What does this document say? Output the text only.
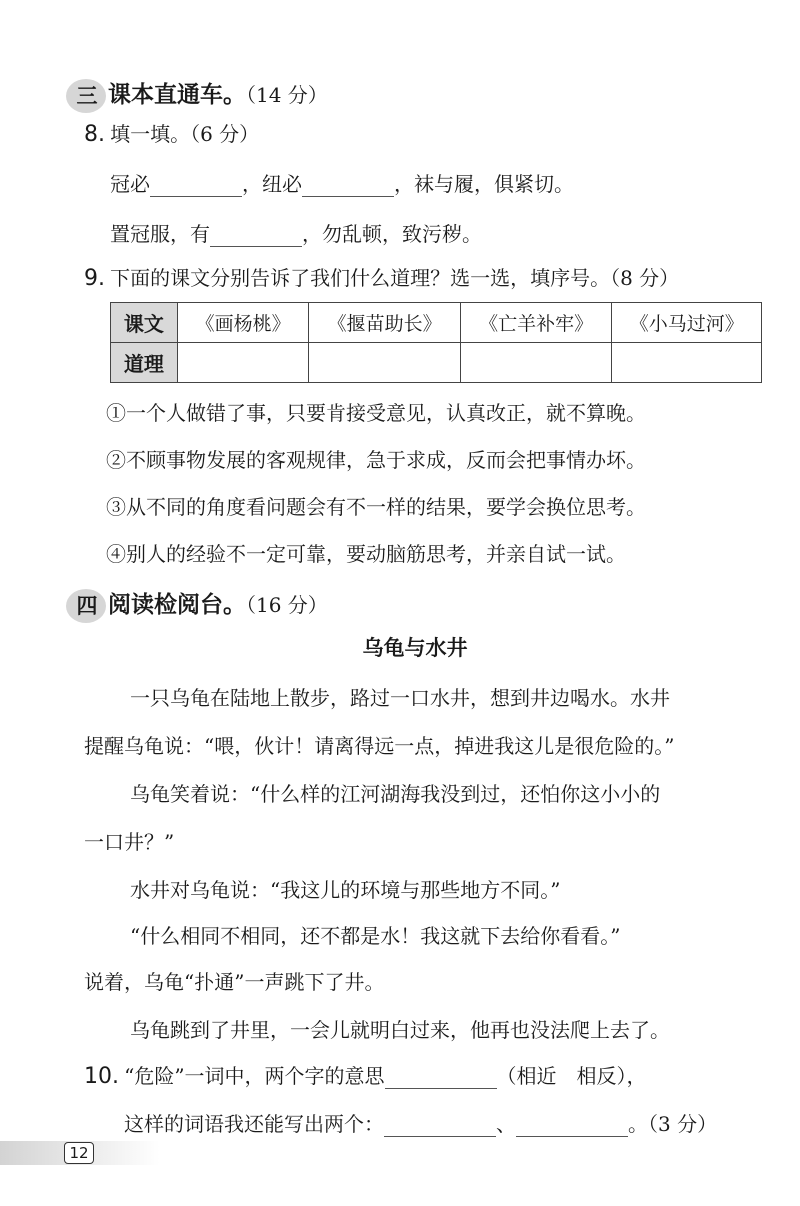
三 课本直通车。（14 分）
8. 填一填。（6 分）
冠必	，纽必	，袜与履，俱紧切。
置冠服，有	，勿乱顿，致污秽。
9. 下面的课文分别告诉了我们什么道理？选一选，填序号。（8 分）
课文	《画杨桃》	《揠苗助长》	《亡羊补牢》	《小马过河》
道理				
①一个人做错了事，只要肯接受意见，认真改正，就不算晚。
②不顾事物发展的客观规律，急于求成，反而会把事情办坏。
③从不同的角度看问题会有不一样的结果，要学会换位思考。
④别人的经验不一定可靠，要动脑筋思考，并亲自试一试。
四 阅读检阅台。（16 分）
乌龟与水井
一只乌龟在陆地上散步，路过一口水井，想到井边喝水。水井
提醒乌龟说：“喂，伙计！请离得远一点，掉进我这儿是很危险的。”
乌龟笑着说：“什么样的江河湖海我没到过，还怕你这小小的
一口井？”
水井对乌龟说：“我这儿的环境与那些地方不同。”
“什么相同不相同，还不都是水！我这就下去给你看看。”
说着，乌龟“扑通”一声跳下了井。
乌龟跳到了井里，一会儿就明白过来，他再也没法爬上去了。
10. “危险”一词中，两个字的意思	（相近　相反），
这样的词语我还能写出两个：	、	。（3 分）
12
